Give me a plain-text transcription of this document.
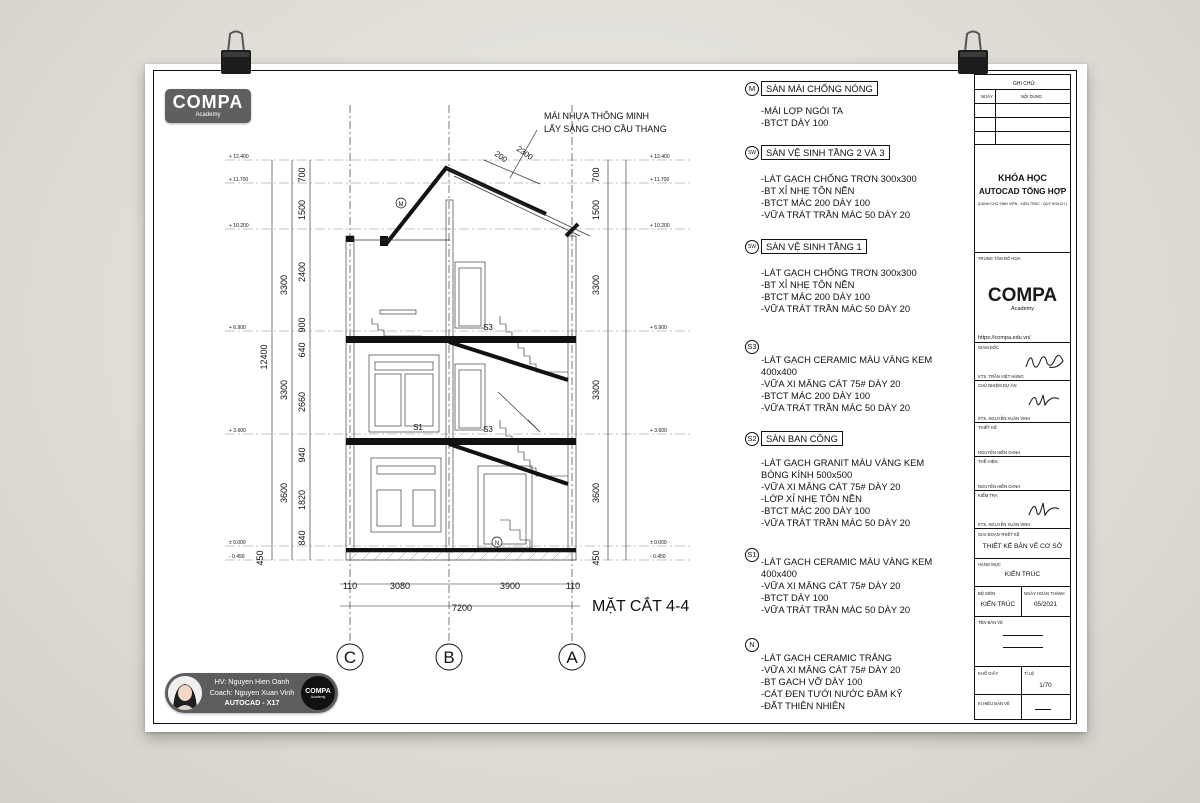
COMPA
Academy	MÁI NHỰA THÔNG MINH
LẤY SÁNG CHO CẦU THANG
200 2300
M
S3
S3
S1
N
700
1500
2400
900
640
2660
940
1820
840
450
3300
3300
3600
12400
700
1500
3300
3300
3600
450
+ 12.400
+ 11.700
+ 10.200
+ 6.900
+ 3.600
± 0.000
- 0.450
+ 12.400
+ 11.700
+ 10.200
+ 6.900
+ 3.600
± 0.000
- 0.450
110	3080	3900	110
7200	MẶT CẮT 4-4
C	B	A
M	SÀN MÁI CHỐNG NÓNG
-MÁI LỢP NGÓI TA
-BTCT DÀY 100
SW	SÀN VỆ SINH TẦNG 2 VÀ 3
-LÁT GẠCH CHỐNG TRƠN 300x300
-BT XỈ NHẸ TÔN NỀN
-BTCT MÁC 200 DÀY 100
-VỮA TRÁT TRẦN MÁC 50 DÀY 20
SW	SÀN VỆ SINH TẦNG 1
-LÁT GẠCH CHỐNG TRƠN 300x300
-BT XỈ NHẸ TÔN NỀN
-BTCT MÁC 200 DÀY 100
-VỮA TRÁT TRẦN MÁC 50 DÀY 20
S3
-LÁT GẠCH CERAMIC MÀU VÀNG KEM
400x400
-VỮA XI MĂNG CÁT 75# DÀY 20
-BTCT MÁC 200 DÀY 100
-VỮA TRÁT TRẦN MÁC 50 DÀY 20
S2	SÀN BAN CÔNG
-LÁT GẠCH GRANIT MÀU VÀNG KEM
BÓNG KÍNH 500x500
-VỮA XI MĂNG CÁT 75# DÀY 20
-LỚP XỈ NHẸ TÔN NỀN
-BTCT MÁC 200 DÀY 100
-VỮA TRÁT TRẦN MÁC 50 DÀY 20
S1
-LÁT GẠCH CERAMIC MÀU VÀNG KEM
400x400
-VỮA XI MĂNG CÁT 75# DÀY 20
-BTCT DÀY 100
-VỮA TRÁT TRẦN MÁC 50 DÀY 20
N
-LÁT GẠCH CERAMIC TRẮNG
-VỮA XI MĂNG CÁT 75# DÀY 20
-BT GẠCH VỠ DÀY 100
-CÁT ĐEN TƯỚI NƯỚC ĐẦM KỸ
-ĐẤT THIÊN NHIÊN
GHI CHÚ:
NGÀY	NỘI DUNG
KHÓA HỌC
AUTOCAD TỔNG HỢP
(DÀNH CHO SINH VIÊN - KIẾN TRÚC - QUY HOẠCH )
TRUNG TÂM ĐỒ HỌA
COMPA
Academy
https://compa.edu.vn/
GIÁM ĐỐC
KTS. TRẦN VIỆT HÙNG
CHỦ NHIỆM DỰ ÁN
KTS. NGUYỄN XUÂN VINH
THIẾT KẾ
NGUYỄN HIỀN OANH
THỂ HIỆN
NGUYỄN HIỀN OANH
KIỂM TRA
KTS. NGUYỄN XUÂN VINH
GIAI ĐOẠN THIẾT KẾ
THIẾT KẾ BẢN VẼ CƠ SỞ
HẠNG MỤC
KIẾN TRÚC
BỘ MÔN
KIẾN TRÚC
NGÀY HOÀN THÀNH
05/2021
TÊN BẢN VẼ
KHỔ GIẤY	TỈ LỆ
1/70
KÍ HIỆU BẢN VẼ
HV: Nguyen Hien Oanh
Coach: Nguyen Xuan Vinh
AUTOCAD - X17
COMPA
Academy
